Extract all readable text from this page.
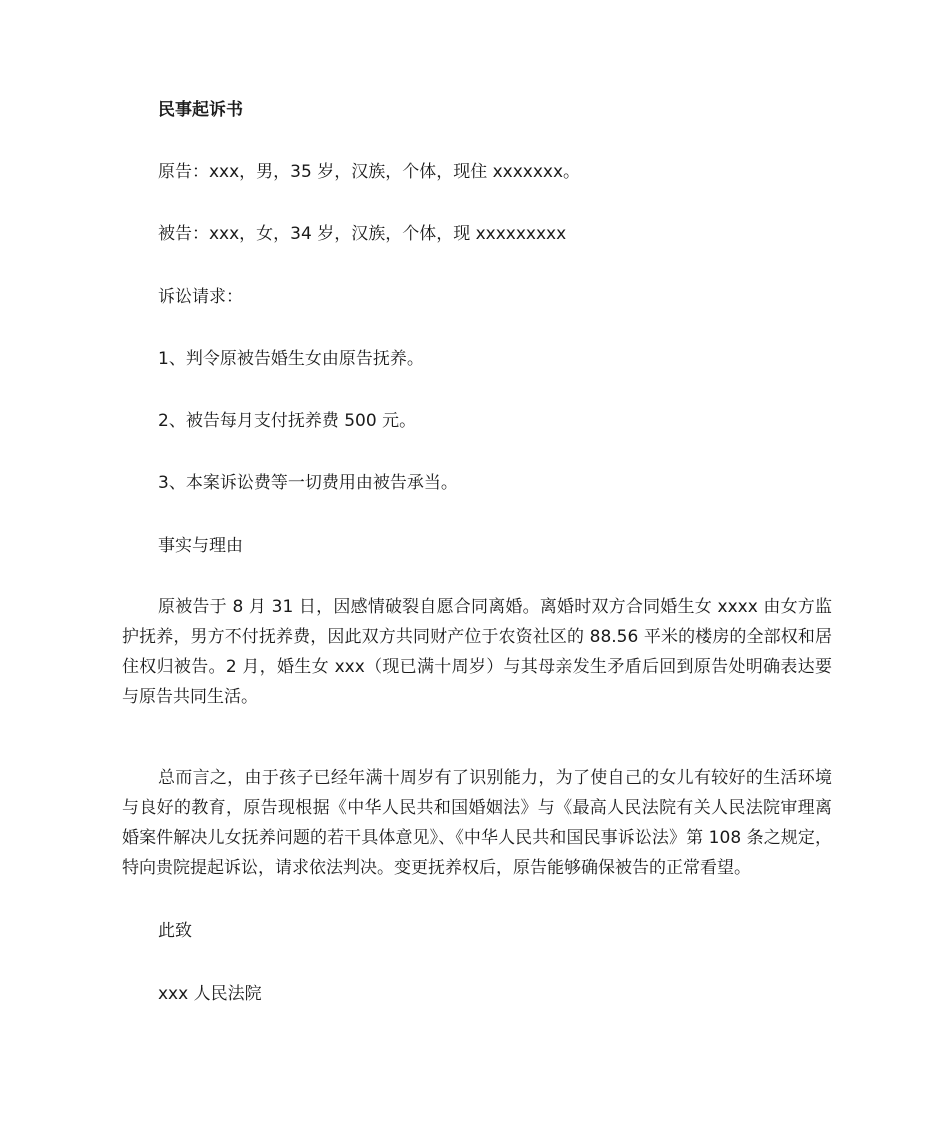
民事起诉书
原告：xxx，男，35 岁，汉族，个体，现住 xxxxxxx。
被告：xxx，女，34 岁，汉族，个体，现 xxxxxxxxx
诉讼请求：
1、判令原被告婚生女由原告抚养。
2、被告每月支付抚养费 500 元。
3、本案诉讼费等一切费用由被告承当。
事实与理由
原被告于 8 月 31 日，因感情破裂自愿合同离婚。离婚时双方合同婚生女 xxxx 由女方监护抚养，男方不付抚养费，因此双方共同财产位于农资社区的 88.56 平米的楼房的全部权和居住权归被告。2 月，婚生女 xxx（现已满十周岁）与其母亲发生矛盾后回到原告处明确表达要与原告共同生活。
总而言之，由于孩子已经年满十周岁有了识别能力，为了使自己的女儿有较好的生活环境与良好的教育，原告现根据《中华人民共和国婚姻法》与《最高人民法院有关人民法院审理离婚案件解决儿女抚养问题的若干具体意见》、《中华人民共和国民事诉讼法》第 108 条之规定，特向贵院提起诉讼，请求依法判决。变更抚养权后，原告能够确保被告的正常看望。
此致
xxx 人民法院
